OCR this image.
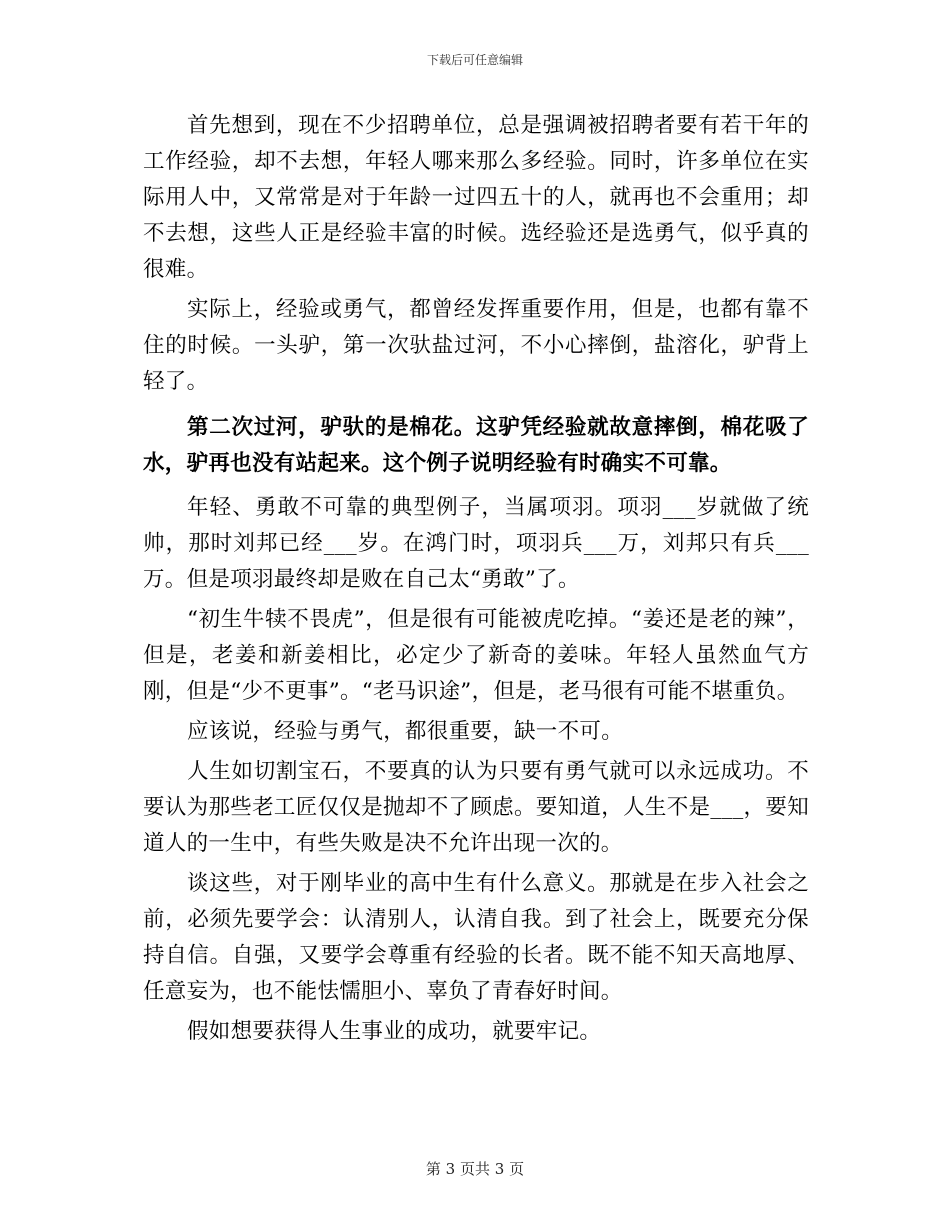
下载后可任意编辑

首先想到，现在不少招聘单位，总是强调被招聘者要有若干年的工作经验，却不去想，年轻人哪来那么多经验。同时，许多单位在实际用人中，又常常是对于年龄一过四五十的人，就再也不会重用；却不去想，这些人正是经验丰富的时候。选经验还是选勇气，似乎真的很难。

实际上，经验或勇气，都曾经发挥重要作用，但是，也都有靠不住的时候。一头驴，第一次驮盐过河，不小心摔倒，盐溶化，驴背上轻了。

第二次过河，驴驮的是棉花。这驴凭经验就故意摔倒，棉花吸了水，驴再也没有站起来。这个例子说明经验有时确实不可靠。

年轻、勇敢不可靠的典型例子，当属项羽。项羽___岁就做了统帅，那时刘邦已经___岁。在鸿门时，项羽兵___万，刘邦只有兵___万。但是项羽最终却是败在自己太“勇敢”了。

“初生牛犊不畏虎”，但是很有可能被虎吃掉。“姜还是老的辣”，但是，老姜和新姜相比，必定少了新奇的姜味。年轻人虽然血气方刚，但是“少不更事”。“老马识途”，但是，老马很有可能不堪重负。

应该说，经验与勇气，都很重要，缺一不可。

人生如切割宝石，不要真的认为只要有勇气就可以永远成功。不要认为那些老工匠仅仅是抛却不了顾虑。要知道，人生不是___，要知道人的一生中，有些失败是决不允许出现一次的。

谈这些，对于刚毕业的高中生有什么意义。那就是在步入社会之前，必须先要学会：认清别人，认清自我。到了社会上，既要充分保持自信。自强，又要学会尊重有经验的长者。既不能不知天高地厚、任意妄为，也不能怯懦胆小、辜负了青春好时间。

假如想要获得人生事业的成功，就要牢记。

第 3 页共 3 页
